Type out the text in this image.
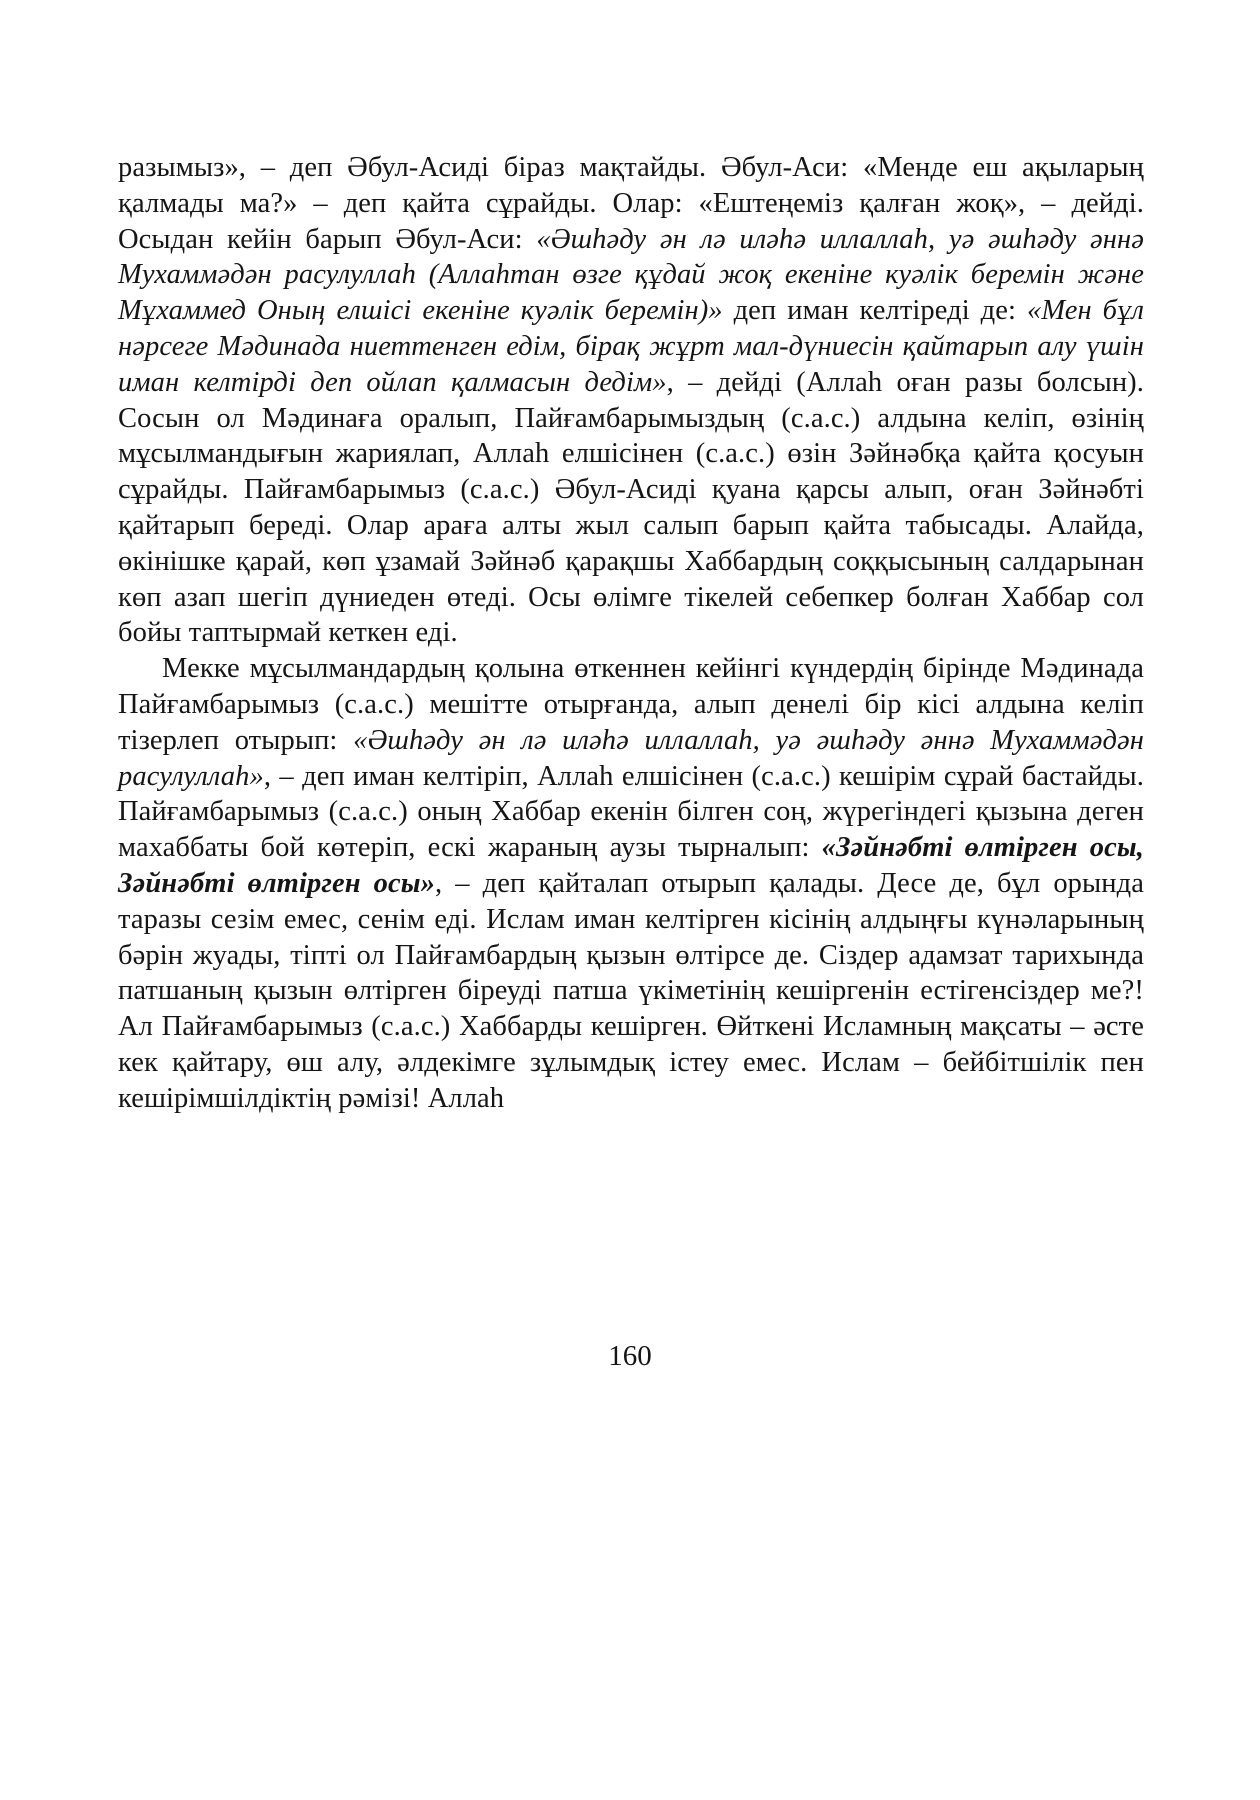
разымыз», – деп Әбул-Асиді біраз мақтайды. Әбул-Аси: «Менде еш ақыларың қалмады ма?» – деп қайта сұрайды. Олар: «Ештеңеміз қалған жоқ», – дейді. Осыдан кейін барып Әбул-Аси: «Әшһәду ән лә иләһә иллаллаһ, уә әшһәду әннә Мухаммәдән расулуллаһ (Аллаһтан өзге құдай жоқ екеніне куәлік беремін және Мұхаммед Оның елшісі екеніне куәлік беремін)» деп иман келтіреді де: «Мен бұл нәрсеге Мәдинада ниеттенген едім, бірақ жұрт мал-дүниесін қайтарып алу үшін иман келтірді деп ойлап қалмасын дедім», – дейді (Аллаһ оған разы болсын). Сосын ол Мәдинаға оралып, Пайғамбарымыздың (с.а.с.) алдына келіп, өзінің мұсылмандығын жариялап, Аллаһ елшісінен (с.а.с.) өзін Зәйнәбқа қайта қосуын сұрайды. Пайғамбарымыз (с.а.с.) Әбул-Асиді қуана қарсы алып, оған Зәйнәбті қайтарып береді. Олар араға алты жыл салып барып қайта табысады. Алайда, өкінішке қарай, көп ұзамай Зәйнәб қарақшы Хаббардың соққысының салдарынан көп азап шегіп дүниеден өтеді. Осы өлімге тікелей себепкер болған Хаббар сол бойы таптырмай кеткен еді.

Мекке мұсылмандардың қолына өткеннен кейінгі күндердің бірінде Мәдинада Пайғамбарымыз (с.а.с.) мешітте отырғанда, алып денелі бір кісі алдына келіп тізерлеп отырып: «Әшһәду ән лә иләһә иллаллаһ, уә әшһәду әннә Мухаммәдән расулуллаһ», – деп иман келтіріп, Аллаһ елшісінен (с.а.с.) кешірім сұрай бастайды. Пайғамбарымыз (с.а.с.) оның Хаббар екенін білген соң, жүрегіндегі қызына деген махаббаты бой көтеріп, ескі жараның аузы тырналып: «Зәйнәбті өлтірген осы, Зәйнәбті өлтірген осы», – деп қайталап отырып қалады. Десе де, бұл орында таразы сезім емес, сенім еді. Ислам иман келтірген кісінің алдыңғы күнәларының бәрін жуады, тіпті ол Пайғамбардың қызын өлтірсе де. Сіздер адамзат тарихында патшаның қызын өлтірген біреуді патша үкіметінің кешіргенін естігенсіздер ме?! Ал Пайғамбарымыз (с.а.с.) Хаббарды кешірген. Өйткені Исламның мақсаты – әсте кек қайтару, өш алу, әлдекімге зұлымдық істеу емес. Ислам – бейбітшілік пен кешірімшілдіктің рәмізі! Аллаһ

160
